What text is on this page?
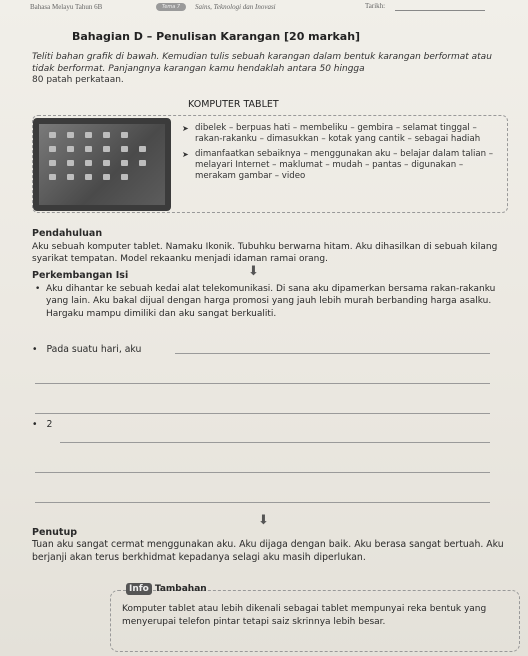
Bahasa Melayu Tahun 6B	Tema 7	Sains, Teknologi dan Inovasi	Tarikh:
Bahagian D – Penulisan Karangan [20 markah]
Teliti bahan grafik di bawah. Kemudian tulis sebuah karangan dalam bentuk karangan berformat atau tidak berformat. Panjangnya karangan kamu hendaklah antara 50 hingga
80 patah perkataan.
KOMPUTER TABLET
➤ dibelek – berpuas hati – membeliku – gembira – selamat tinggal – rakan-rakanku – dimasukkan – kotak yang cantik – sebagai hadiah
➤ dimanfaatkan sebaiknya – menggunakan aku – belajar dalam talian – melayari Internet – maklumat – mudah – pantas – digunakan – merakam gambar – video
Pendahuluan
Aku sebuah komputer tablet. Namaku Ikonik. Tubuhku berwarna hitam. Aku dihasilkan di sebuah kilang syarikat tempatan. Model rekaanku menjadi idaman ramai orang.
Perkembangan Isi	⬇
• Aku dihantar ke sebuah kedai alat telekomunikasi. Di sana aku dipamerkan bersama rakan-rakanku yang lain. Aku bakal dijual dengan harga promosi yang jauh lebih murah berbanding harga asalku. Hargaku mampu dimiliki dan aku sangat berkualiti.
• Pada suatu hari, aku
• 2
Penutup
⬇
Tuan aku sangat cermat menggunakan aku. Aku dijaga dengan baik. Aku berasa sangat bertuah. Aku berjanji akan terus berkhidmat kepadanya selagi aku masih diperlukan.
Info Tambahan
Komputer tablet atau lebih dikenali sebagai tablet mempunyai reka bentuk yang menyerupai telefon pintar tetapi saiz skrinnya lebih besar.
